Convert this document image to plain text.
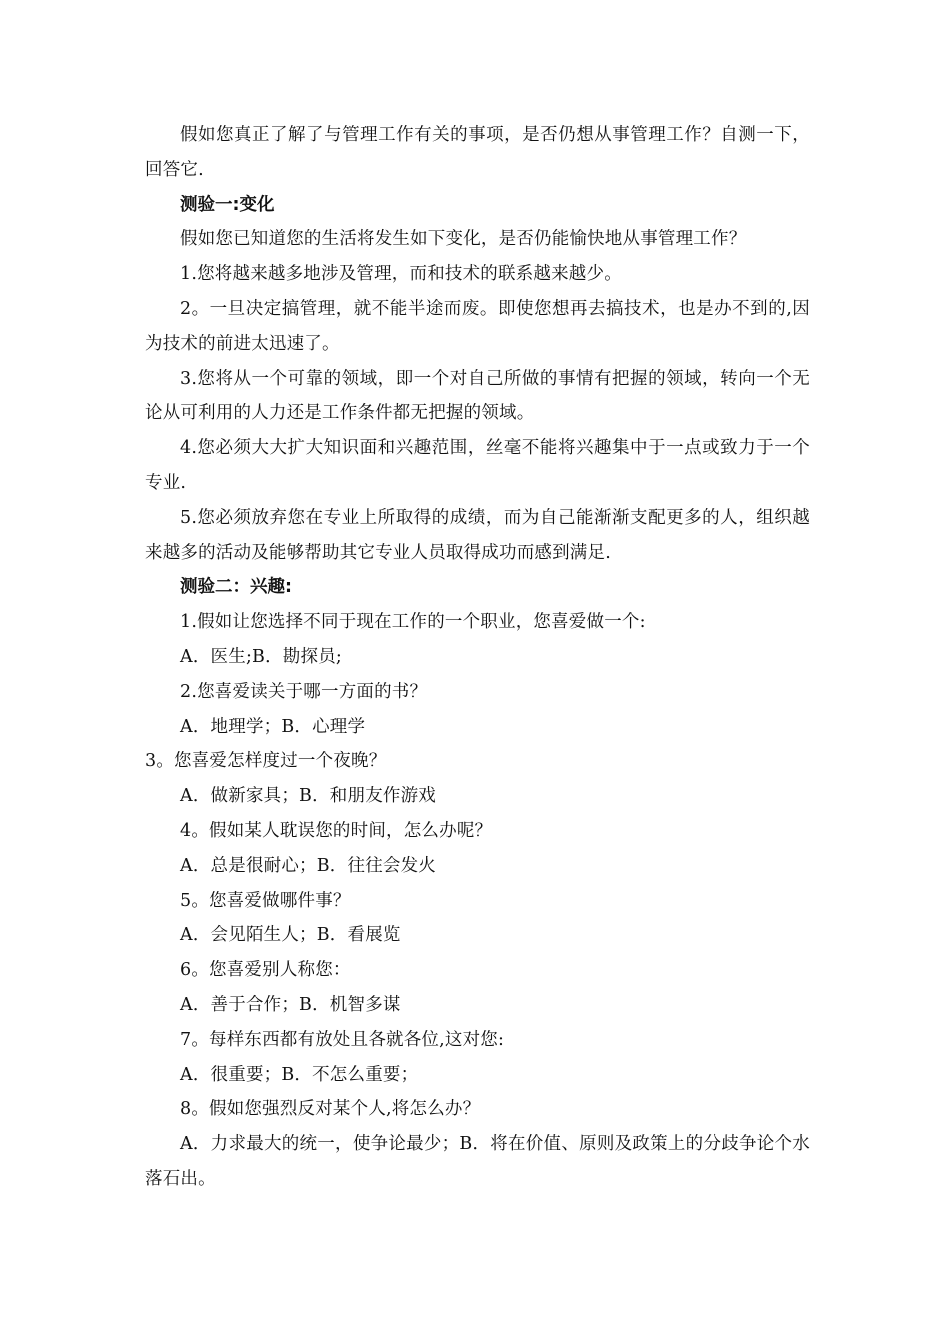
假如您真正了解了与管理工作有关的事项，是否仍想从事管理工作？自测一下，回答它.

测验一:变化

假如您已知道您的生活将发生如下变化，是否仍能愉快地从事管理工作？

1.您将越来越多地涉及管理，而和技术的联系越来越少。

2。一旦决定搞管理，就不能半途而废。即使您想再去搞技术，也是办不到的,因为技术的前进太迅速了。

3.您将从一个可靠的领域，即一个对自己所做的事情有把握的领域，转向一个无论从可利用的人力还是工作条件都无把握的领域。

4.您必须大大扩大知识面和兴趣范围，丝毫不能将兴趣集中于一点或致力于一个专业.

5.您必须放弃您在专业上所取得的成绩，而为自己能渐渐支配更多的人，组织越来越多的活动及能够帮助其它专业人员取得成功而感到满足.

测验二：兴趣:

1.假如让您选择不同于现在工作的一个职业，您喜爱做一个:

A．医生;B．勘探员;

2.您喜爱读关于哪一方面的书？

A．地理学；B．心理学

3。您喜爱怎样度过一个夜晚？

A．做新家具；B．和朋友作游戏

4。假如某人耽误您的时间，怎么办呢？

A．总是很耐心；B．往往会发火

5。您喜爱做哪件事？

A．会见陌生人；B．看展览

6。您喜爱别人称您：

A．善于合作；B．机智多谋

7。每样东西都有放处且各就各位,这对您:

A．很重要；B．不怎么重要；

8。假如您强烈反对某个人,将怎么办？

A．力求最大的统一，使争论最少；B．将在价值、原则及政策上的分歧争论个水落石出。
